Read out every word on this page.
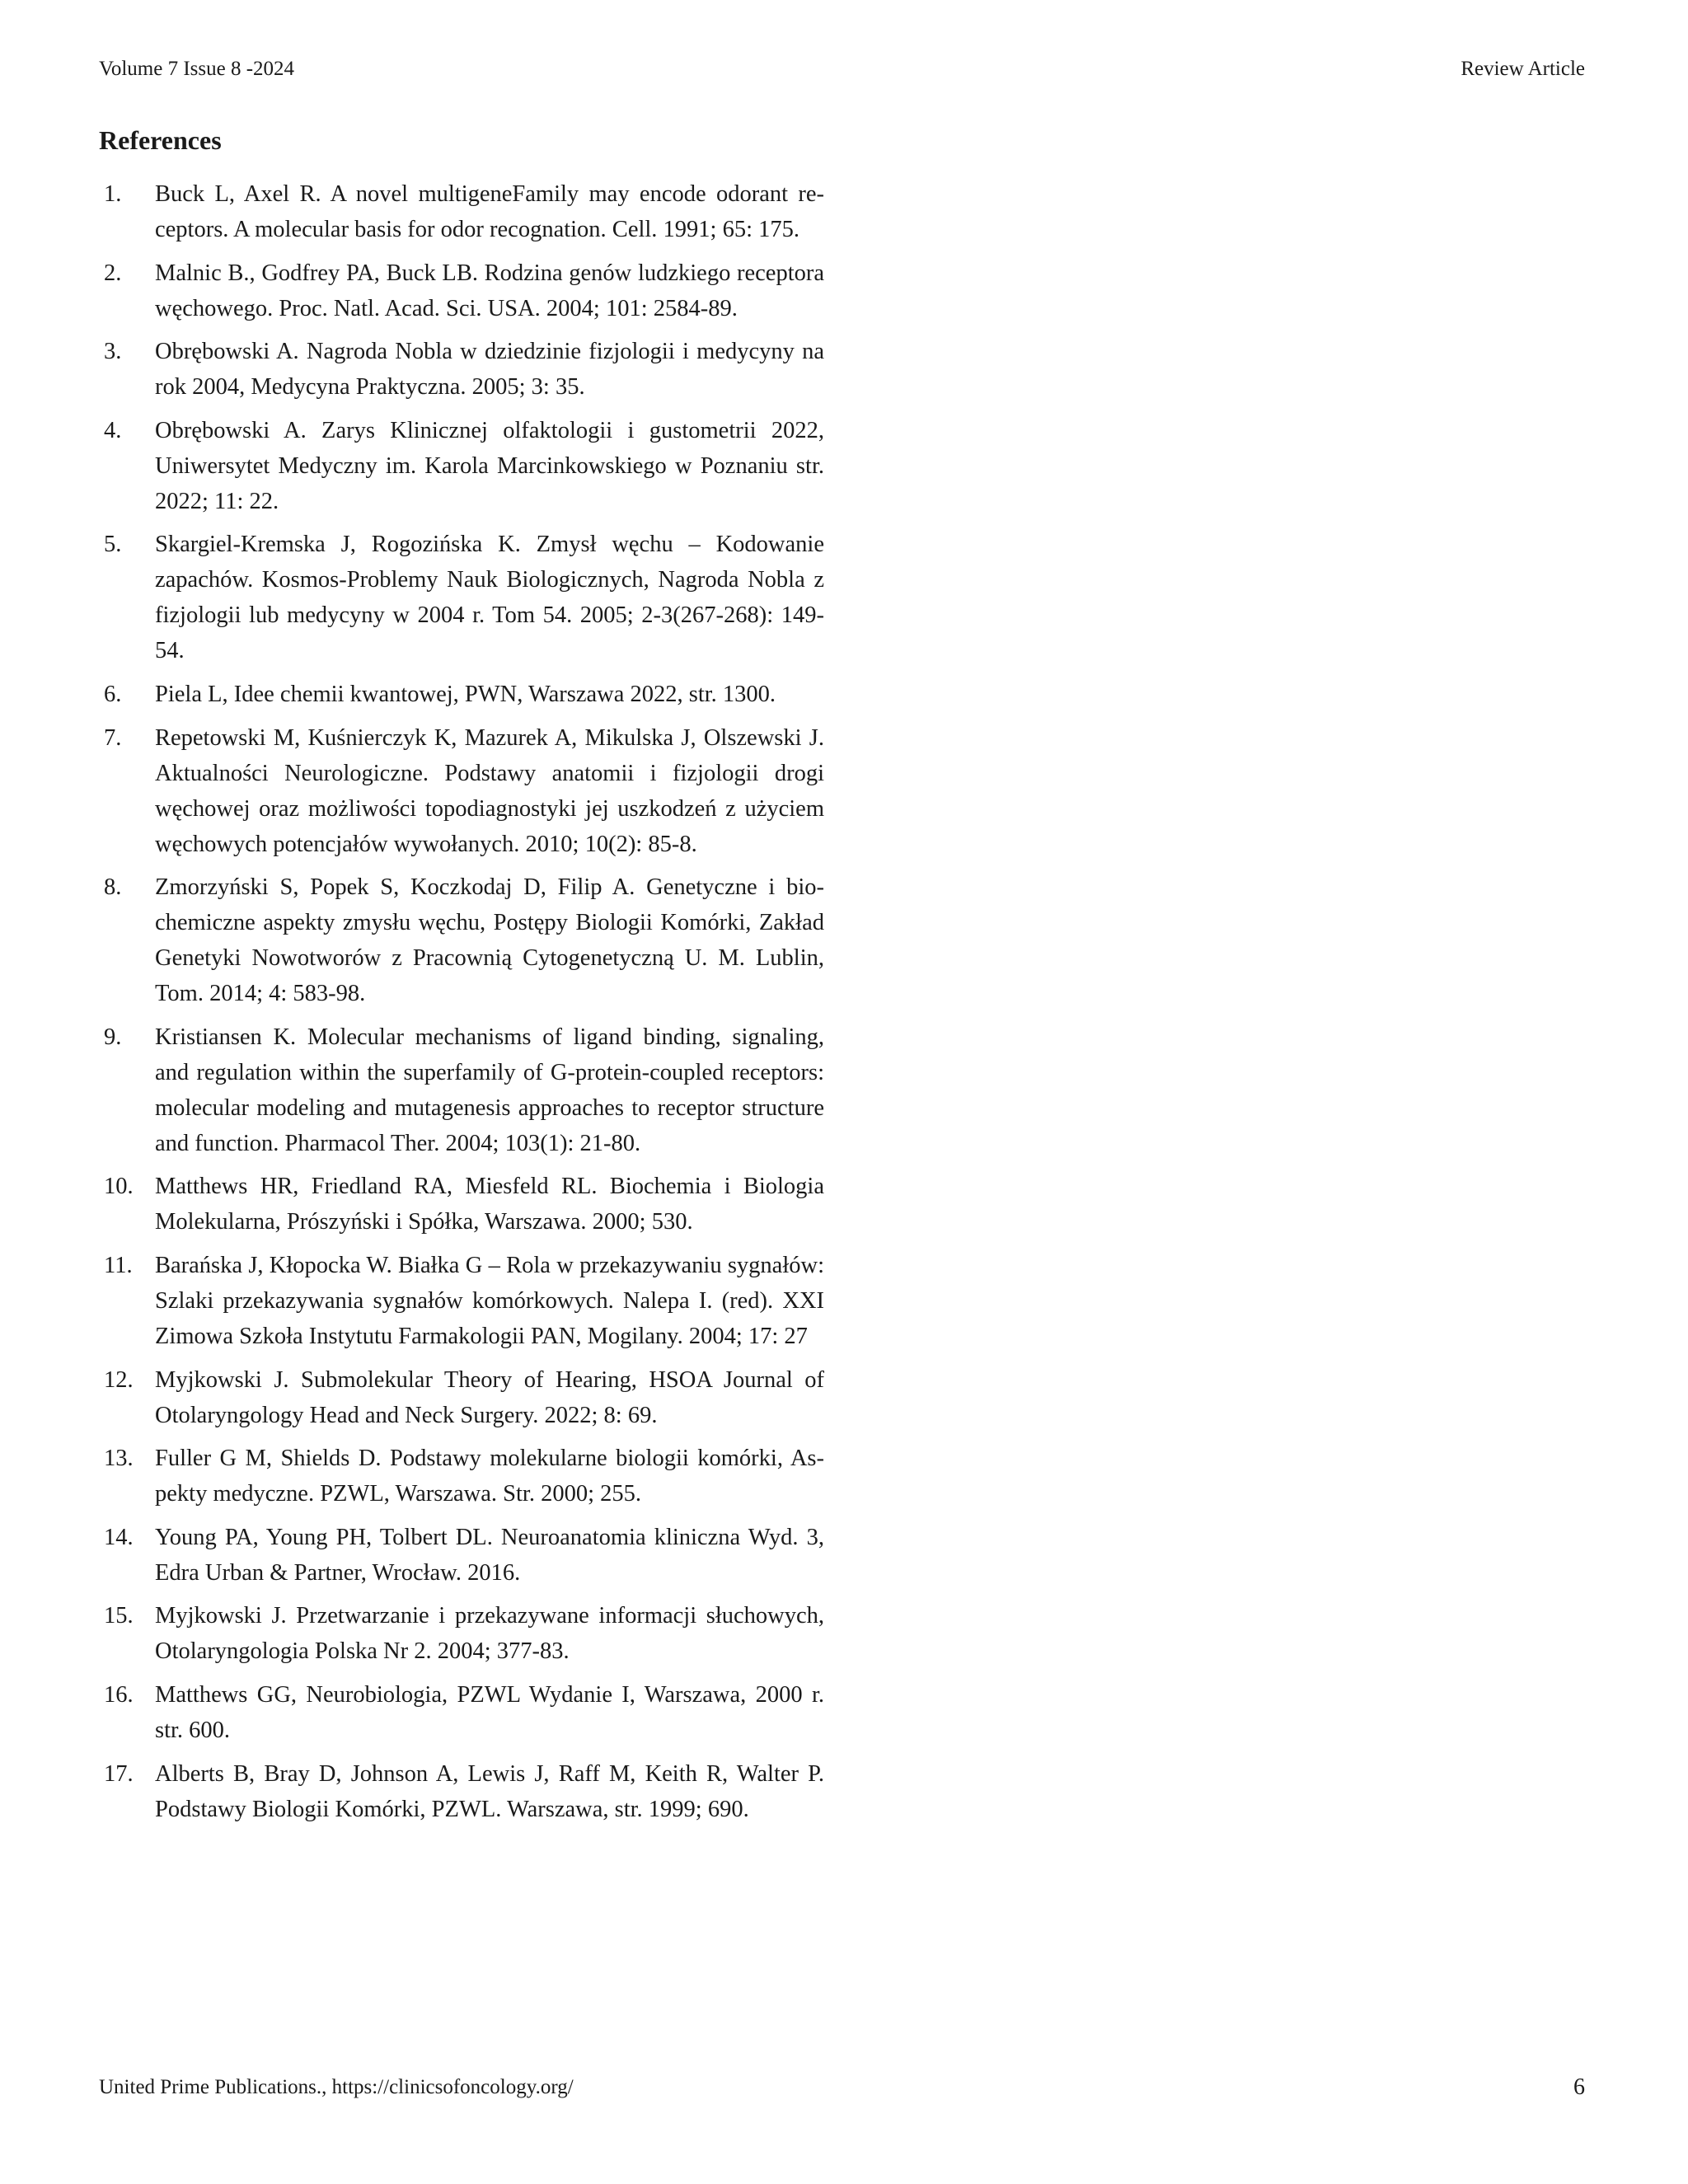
Volume 7 Issue 8 -2024	Review Article
References
1.	Buck L, Axel R. A novel multigeneFamily may encode odorant receptors. A molecular basis for odor recognation. Cell. 1991; 65: 175.
2.	Malnic B., Godfrey PA, Buck LB. Rodzina genów ludzkiego receptora węchowego. Proc. Natl. Acad. Sci. USA. 2004; 101: 2584-89.
3.	Obrębowski A. Nagroda Nobla w dziedzinie fizjologii i medycyny na rok 2004, Medycyna Praktyczna. 2005; 3: 35.
4.	Obrębowski A. Zarys Klinicznej olfaktologii i gustometrii 2022, Uniwersytet Medyczny im. Karola Marcinkowskiego w Poznaniu str. 2022; 11: 22.
5.	Skargiel-Kremska J, Rogozińska K. Zmysł węchu – Kodowanie zapachów. Kosmos-Problemy Nauk Biologicznych, Nagroda Nobla z fizjologii lub medycyny w 2004 r. Tom 54. 2005; 2-3(267-268): 149-54.
6.	Piela L, Idee chemii kwantowej, PWN, Warszawa 2022, str. 1300.
7.	Repetowski M, Kuśnierczyk K, Mazurek A, Mikulska J, Olszewski J. Aktualności Neurologiczne. Podstawy anatomii i fizjologii drogi węchowej oraz możliwości topodiagnostyki jej uszkodzeń z użyciem węchowych potencjałów wywołanych. 2010; 10(2): 85-8.
8.	Zmorzyński S, Popek S, Koczkodaj D, Filip A. Genetyczne i biochemiczne aspekty zmysłu węchu, Postępy Biologii Komórki, Zakład Genetyki Nowotworów z Pracownią Cytogenetyczną U. M. Lublin, Tom. 2014; 4: 583-98.
9.	Kristiansen K. Molecular mechanisms of ligand binding, signaling, and regulation within the superfamily of G-protein-coupled receptors: molecular modeling and mutagenesis approaches to receptor structure and function. Pharmacol Ther. 2004; 103(1): 21-80.
10. Matthews HR, Friedland RA, Miesfeld RL. Biochemia i Biologia Molekularna, Prószyński i Spółka, Warszawa. 2000; 530.
11. Barańska J, Kłopocka W. Białka G – Rola w przekazywaniu sygnałów: Szlaki przekazywania sygnałów komórkowych. Nalepa I. (red). XXI Zimowa Szkoła Instytutu Farmakologii PAN, Mogilany. 2004; 17: 27
12. Myjkowski J. Submolekular Theory of Hearing, HSOA Journal of Otolaryngology Head and Neck Surgery. 2022; 8: 69.
13. Fuller G M, Shields D. Podstawy molekularne biologii komórki, Aspekty medyczne. PZWL, Warszawa. Str. 2000; 255.
14. Young PA, Young PH, Tolbert DL. Neuroanatomia kliniczna Wyd. 3, Edra Urban & Partner, Wrocław. 2016.
15. Myjkowski J. Przetwarzanie i przekazywane informacji słuchowych, Otolaryngologia Polska Nr 2. 2004; 377-83.
16. Matthews GG, Neurobiologia, PZWL Wydanie I, Warszawa, 2000 r. str. 600.
17. Alberts B, Bray D, Johnson A, Lewis J, Raff M, Keith R, Walter P. Podstawy Biologii Komórki, PZWL. Warszawa, str. 1999; 690.
United Prime Publications., https://clinicsofoncology.org/	6
